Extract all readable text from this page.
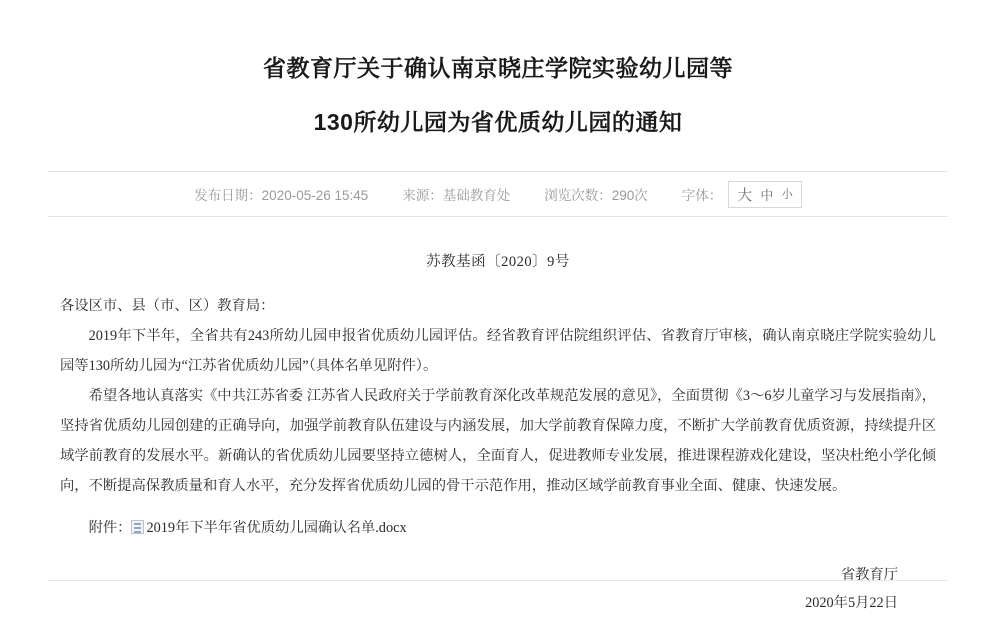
省教育厅关于确认南京晓庄学院实验幼儿园等
130所幼儿园为省优质幼儿园的通知
发布日期：2020-05-26 15:45	来源：基础教育处	浏览次数：290次	字体： 大 中 小
苏教基函〔2020〕9号
各设区市、县（市、区）教育局：

2019年下半年，全省共有243所幼儿园申报省优质幼儿园评估。经省教育评估院组织评估、省教育厅审核，确认南京晓庄学院实验幼儿园等130所幼儿园为“江苏省优质幼儿园”（具体名单见附件）。

希望各地认真落实《中共江苏省委 江苏省人民政府关于学前教育深化改革规范发展的意见》，全面贯彻《3～6岁儿童学习与发展指南》，坚持省优质幼儿园创建的正确导向，加强学前教育队伍建设与内涵发展，加大学前教育保障力度，不断扩大学前教育优质资源，持续提升区域学前教育的发展水平。新确认的省优质幼儿园要坚持立德树人，全面育人，促进教师专业发展，推进课程游戏化建设，坚决杜绝小学化倾向，不断提高保教质量和育人水平，充分发挥省优质幼儿园的骨干示范作用，推动区域学前教育事业全面、健康、快速发展。

附件： 2019年下半年省优质幼儿园确认名单.docx
省教育厅
2020年5月22日
